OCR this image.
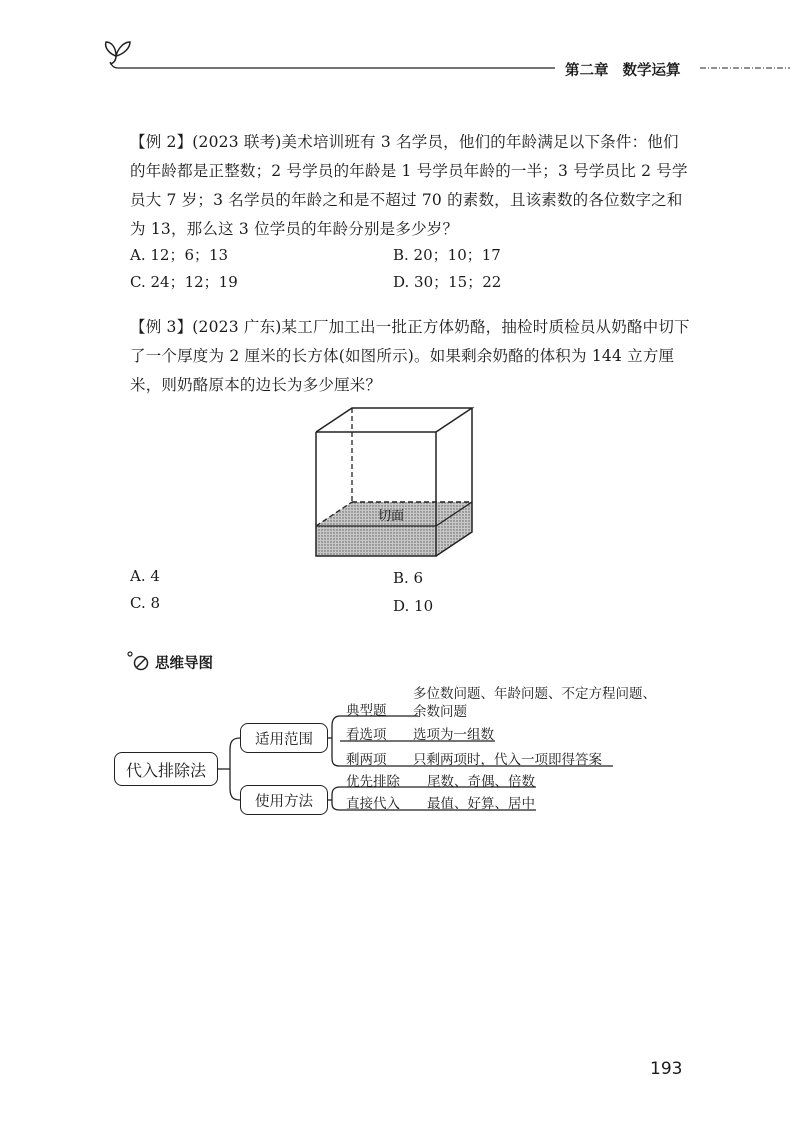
第二章 数学运算
【例 2】(2023 联考)美术培训班有 3 名学员，他们的年龄满足以下条件：他们的年龄都是正整数；2 号学员的年龄是 1 号学员年龄的一半；3 号学员比 2 号学员大 7 岁；3 名学员的年龄之和是不超过 70 的素数，且该素数的各位数字之和为 13，那么这 3 位学员的年龄分别是多少岁？
A. 12；6；13	B. 20；10；17
C. 24；12；19	D. 30；15；22
【例 3】(2023 广东)某工厂加工出一批正方体奶酪，抽检时质检员从奶酪中切下了一个厚度为 2 厘米的长方体(如图所示)。如果剩余奶酪的体积为 144 立方厘米，则奶酪原本的边长为多少厘米？
切面
A. 4	B. 6
C. 8	D. 10
思维导图
代入排除法
适用范围
使用方法
典型题
多位数问题、年龄问题、不定方程问题、
余数问题
看选项 选项为一组数
剩两项 只剩两项时，代入一项即得答案
优先排除 尾数、奇偶、倍数
直接代入 最值、好算、居中
193
